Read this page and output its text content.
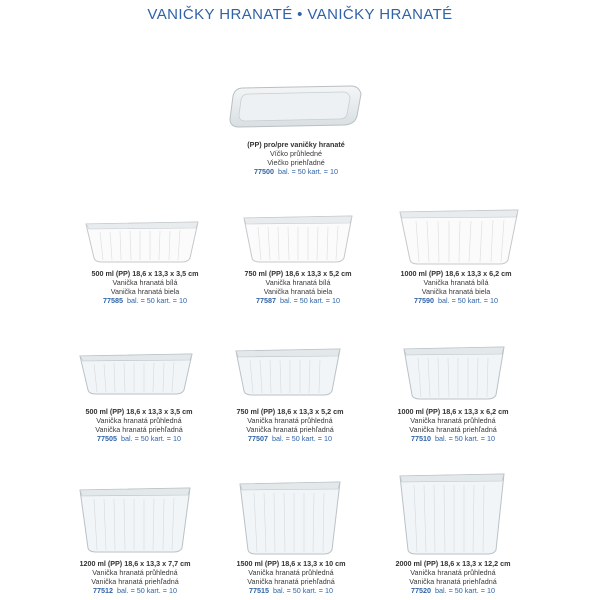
VANIČKY HRANATÉ • VANIČKY HRANATÉ
(PP) pro/pre vaničky hranaté
Víčko průhledné
Viečko priehľadné
77500 bal. = 50 kart. = 10
500 ml (PP) 18,6 x 13,3 x 3,5 cm
Vanička hranatá bílá
Vanička hranatá biela
77585 bal. = 50 kart. = 10
750 ml (PP) 18,6 x 13,3 x 5,2 cm
Vanička hranatá bílá
Vanička hranatá biela
77587 bal. = 50 kart. = 10
1000 ml (PP) 18,6 x 13,3 x 6,2 cm
Vanička hranatá bílá
Vanička hranatá biela
77590 bal. = 50 kart. = 10
500 ml (PP) 18,6 x 13,3 x 3,5 cm
Vanička hranatá průhledná
Vanička hranatá priehľadná
77505 bal. = 50 kart. = 10
750 ml (PP) 18,6 x 13,3 x 5,2 cm
Vanička hranatá průhledná
Vanička hranatá priehľadná
77507 bal. = 50 kart. = 10
1000 ml (PP) 18,6 x 13,3 x 6,2 cm
Vanička hranatá průhledná
Vanička hranatá priehľadná
77510 bal. = 50 kart. = 10
1200 ml (PP) 18,6 x 13,3 x 7,7 cm
Vanička hranatá průhledná
Vanička hranatá priehľadná
77512 bal. = 50 kart. = 10
1500 ml (PP) 18,6 x 13,3 x 10 cm
Vanička hranatá průhledná
Vanička hranatá priehľadná
77515 bal. = 50 kart. = 10
2000 ml (PP) 18,6 x 13,3 x 12,2 cm
Vanička hranatá průhledná
Vanička hranatá priehľadná
77520 bal. = 50 kart. = 10
